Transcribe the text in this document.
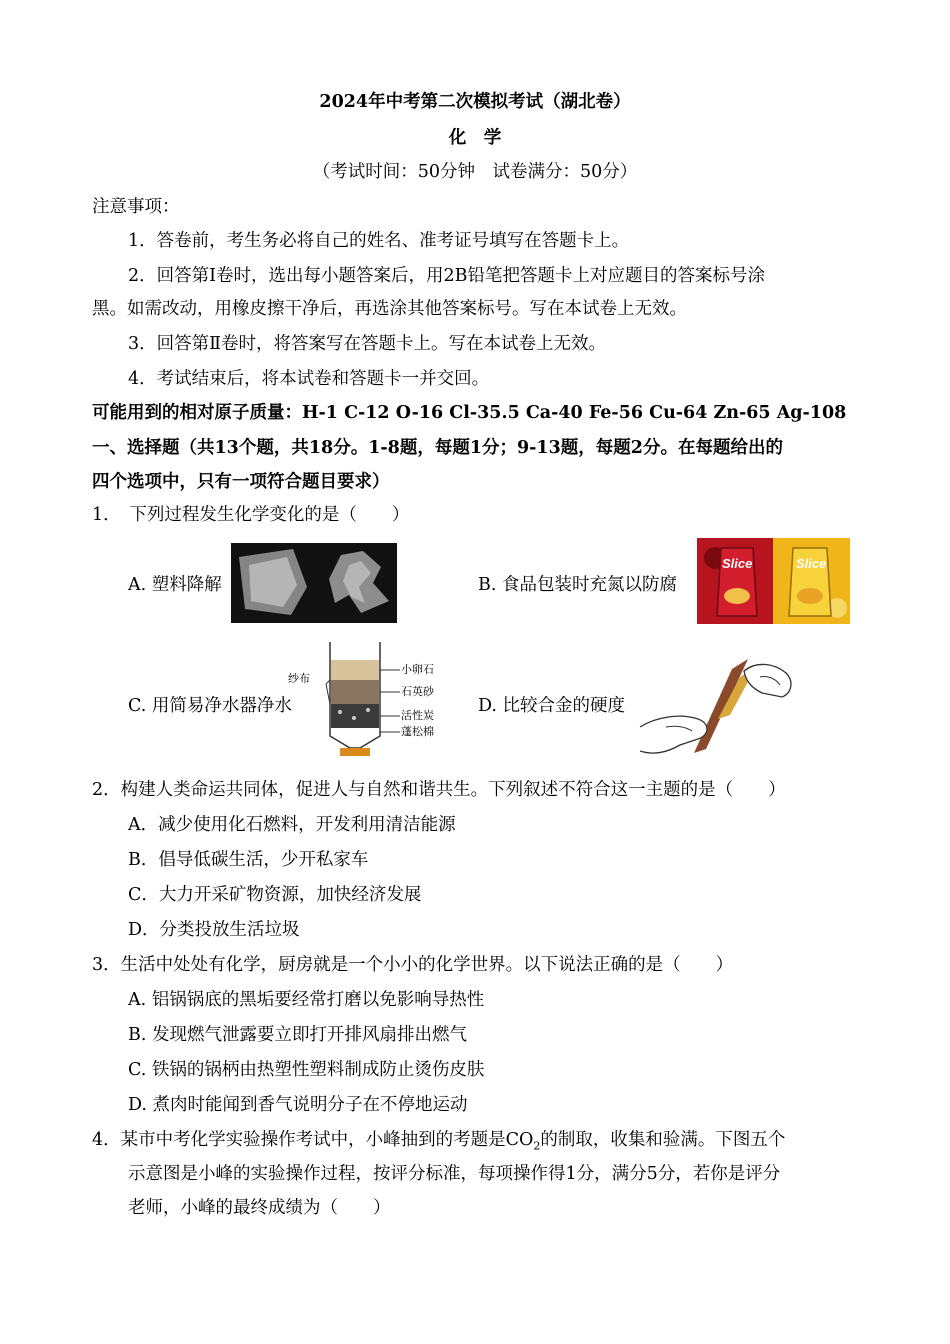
2024年中考第二次模拟考试（湖北卷）
化　学
（考试时间：50分钟　试卷满分：50分）
注意事项：
1．答卷前，考生务必将自己的姓名、准考证号填写在答题卡上。
2．回答第Ⅰ卷时，选出每小题答案后，用2B铅笔把答题卡上对应题目的答案标号涂
黑。如需改动，用橡皮擦干净后，再选涂其他答案标号。写在本试卷上无效。
3．回答第Ⅱ卷时，将答案写在答题卡上。写在本试卷上无效。
4．考试结束后，将本试卷和答题卡一并交回。
可能用到的相对原子质量：H-1 C-12 O-16 Cl-35.5 Ca-40 Fe-56 Cu-64 Zn-65 Ag-108
一、选择题（共13个题，共18分。1-8题，每题1分；9-13题，每题2分。在每题给出的
四个选项中，只有一项符合题目要求）
1．　下列过程发生化学变化的是（　　）
A. 塑料降解	B. 食品包装时充氮以防腐
Slice	Slice
C. 用简易净水器净水
纱布
小卵石
石英砂
活性炭
蓬松棉
D. 比较合金的硬度
2．构建人类命运共同体，促进人与自然和谐共生。下列叙述不符合这一主题的是（　　）
A．减少使用化石燃料，开发利用清洁能源
B．倡导低碳生活，少开私家车
C．大力开采矿物资源，加快经济发展
D．分类投放生活垃圾
3．生活中处处有化学，厨房就是一个小小的化学世界。以下说法正确的是（　　）
A. 铝锅锅底的黑垢要经常打磨以免影响导热性
B. 发现燃气泄露要立即打开排风扇排出燃气
C. 铁锅的锅柄由热塑性塑料制成防止烫伤皮肤
D. 煮肉时能闻到香气说明分子在不停地运动
4．某市中考化学实验操作考试中，小峰抽到的考题是$CO_2$的制取，收集和验满。下图五个
示意图是小峰的实验操作过程，按评分标准，每项操作得1分，满分5分，若你是评分
老师，小峰的最终成绩为（　　）
